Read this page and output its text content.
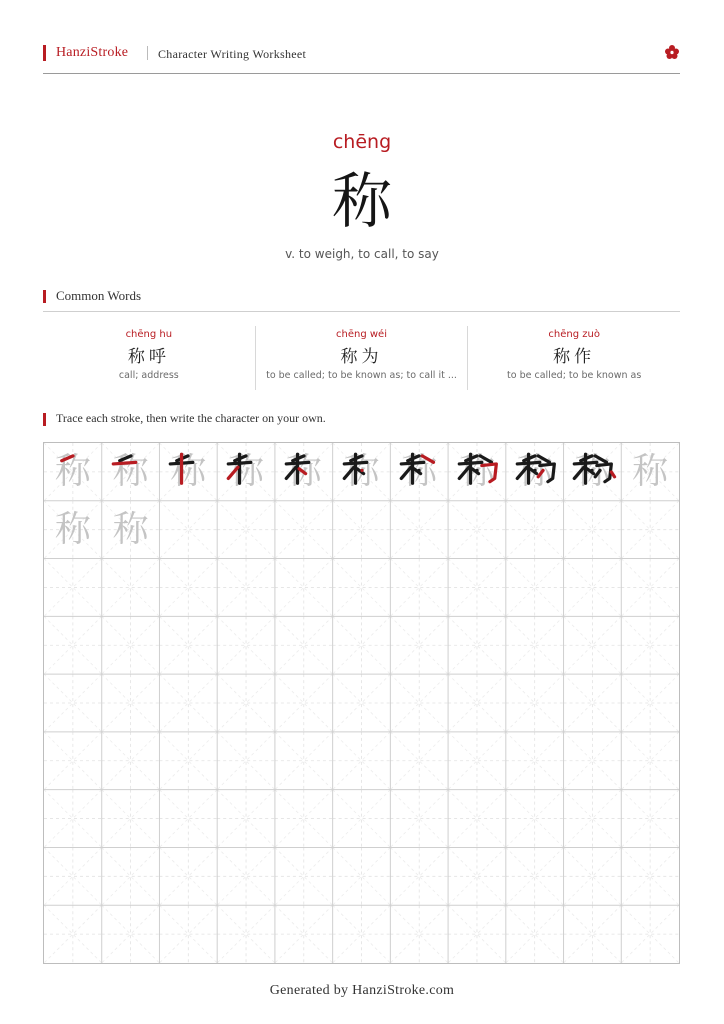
HanziStroke Character Writing Worksheet
chēng
称
v. to weigh, to call, to say
Common Words
chēng hu
称呼
call; address
chēng wéi
称为
to be called; to be known as; to call it ...
chēng zuò
称作
to be called; to be known as
Trace each stroke, then write the character on your own.
称 称 称 称 称 称 称 称 称 称 称
称 称
Generated by HanziStroke.com
